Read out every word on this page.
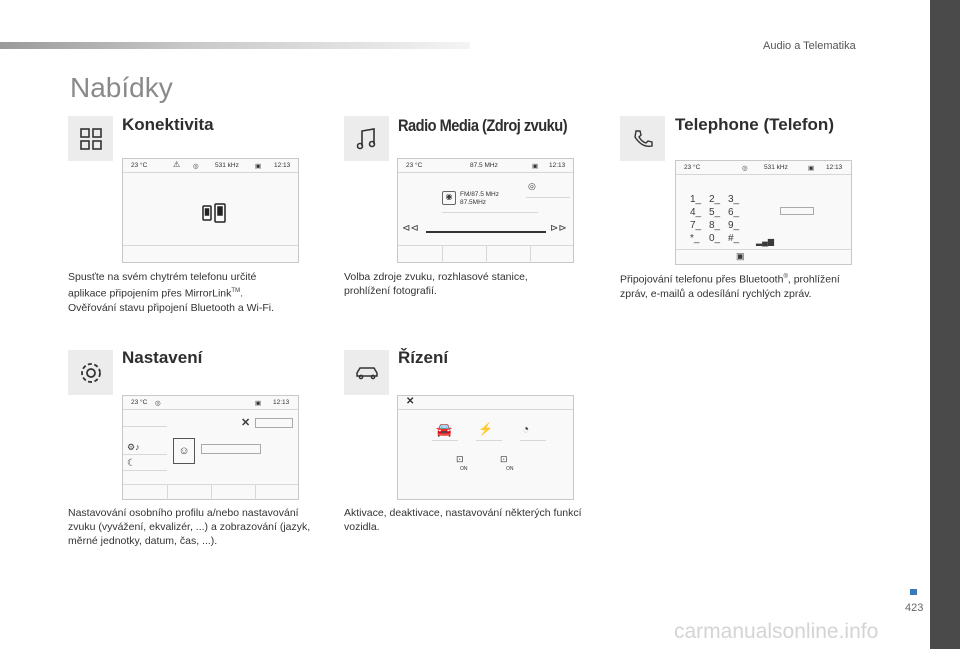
Audio a Telematika
Nabídky
Konektivita
23 °C	⚠ ◎	531 kHz ▣ 12:13
Spusťte na svém chytrém telefonu určité
aplikace připojením přes MirrorLink™.
Ověřování stavu připojení Bluetooth a Wi-Fi.
Radio Media (Zdroj zvuku)
23 °C	87.5 MHz	▣ 12:13
◉	FM/87.5 MHz
87.5MHz
◎
⊲⊲	⊳⊳
Volba zdroje zvuku, rozhlasové stanice, prohlížení fotografií.
Telephone (Telefon)
23 °C	◎	531 kHz	▣ 12:13
1_ 2_ 3_
4_ 5_ 6_
7_ 8_ 9_
*_ 0_ #_	▂▄▆
▣
Připojování telefonu přes Bluetooth®, prohlížení
zpráv, e-mailů a odesílání rychlých zpráv.
Nastavení
23 °C ◎	▣ 12:13
✕
⚙♪
☾
☺
Nastavování osobního profilu a/nebo nastavování zvuku (vyvážení, ekvalizér, ...) a zobrazování (jazyk, měrné jednotky, datum, čas, ...).
Řízení
✕
🚘 ⚡ ◔
⊡
ON
⊡
ON
Aktivace, deaktivace, nastavování některých funkcí vozidla.
423
carmanualsonline.info
